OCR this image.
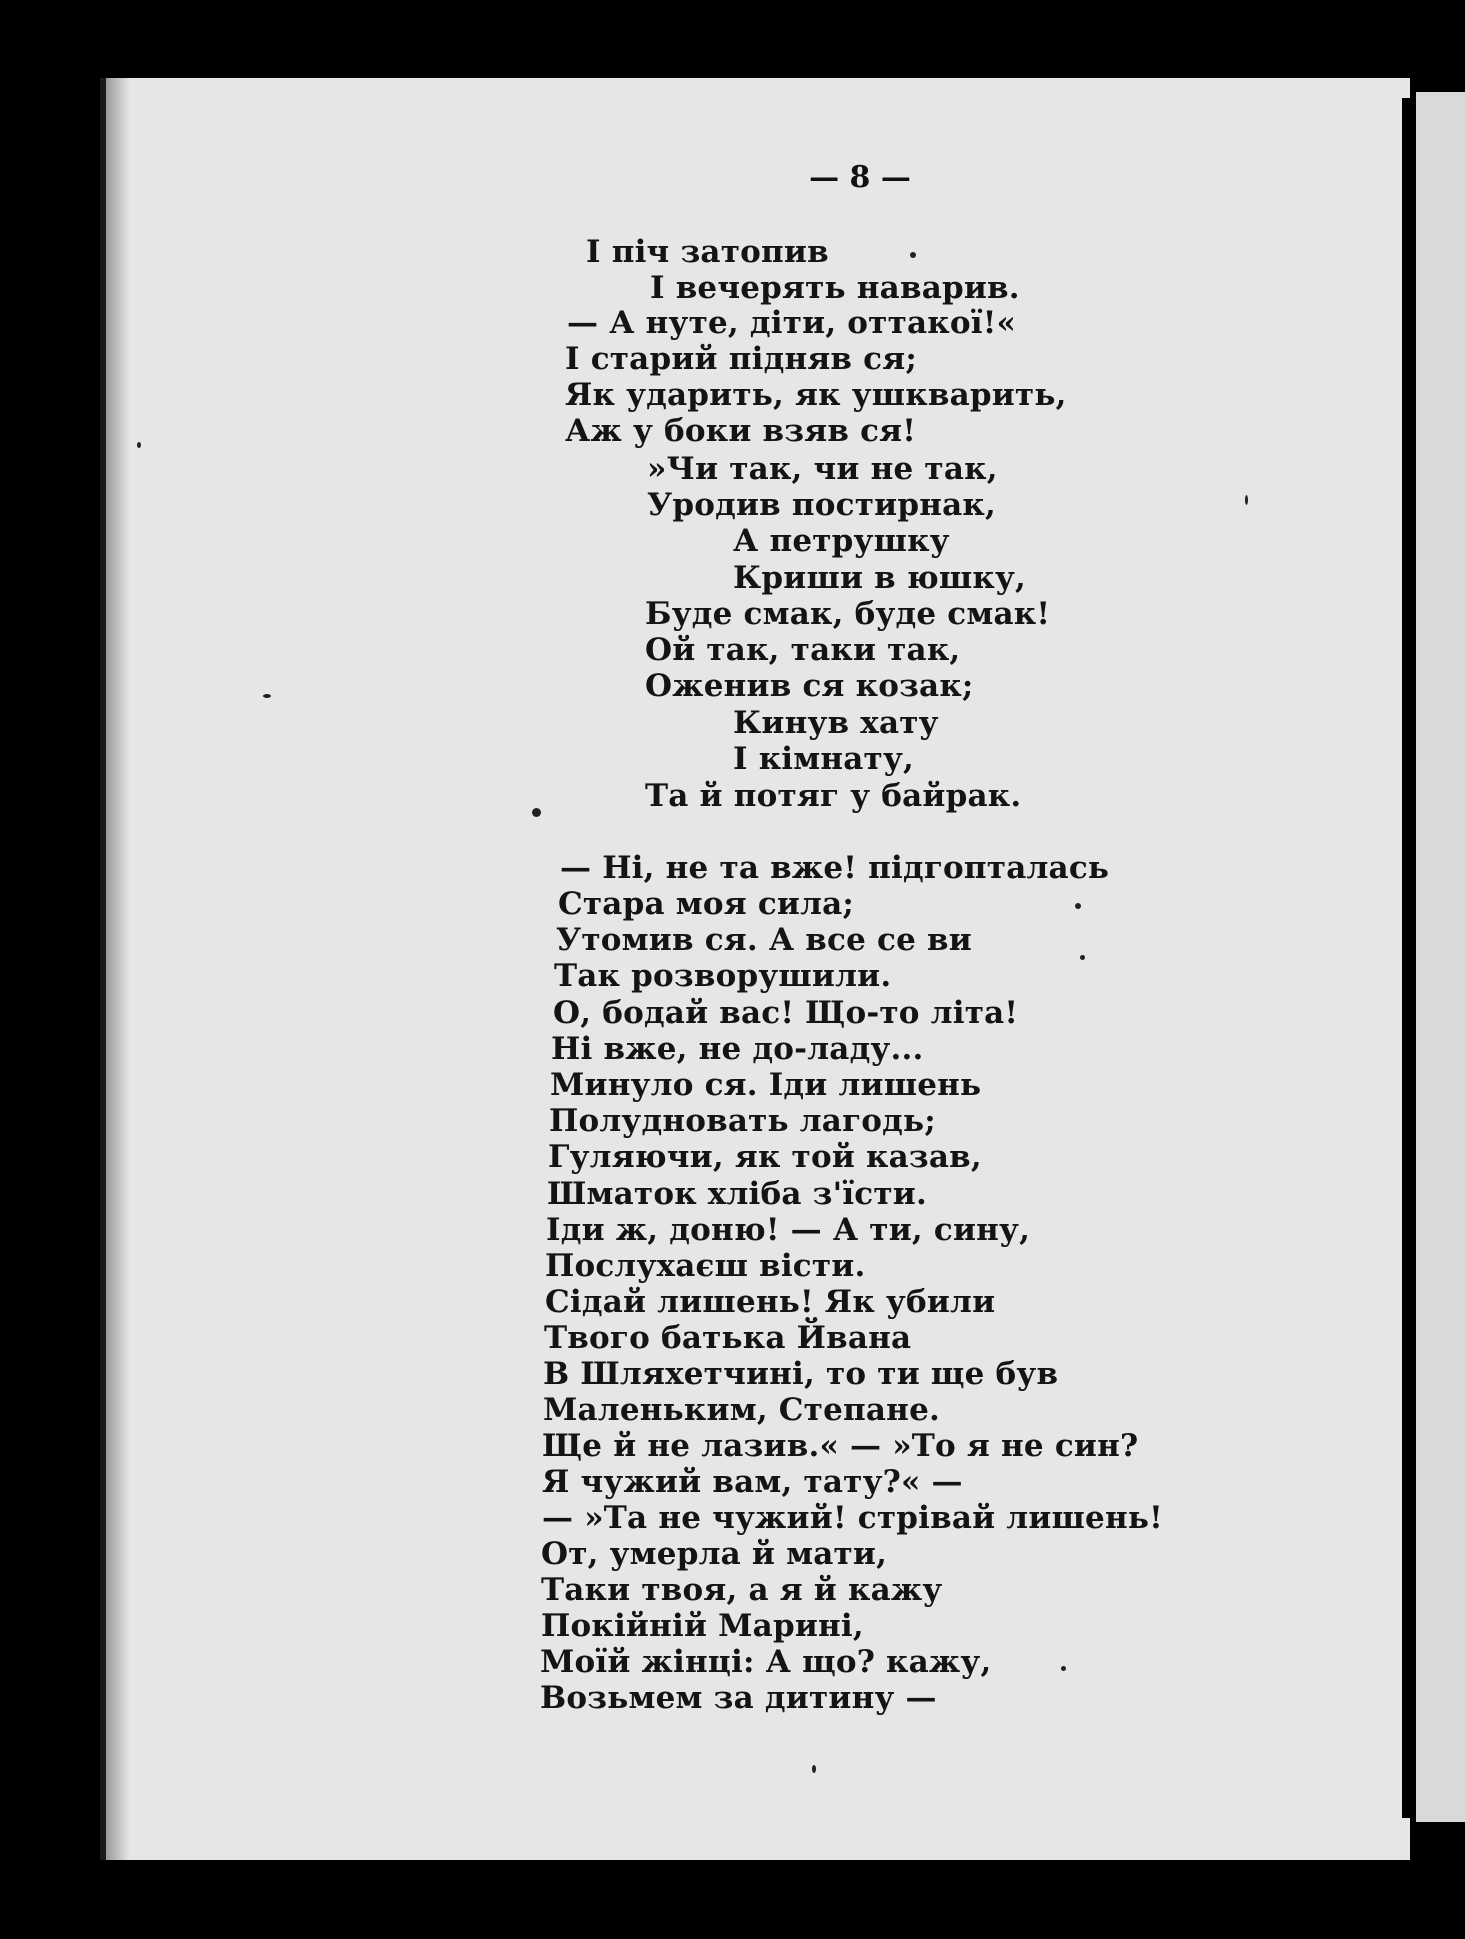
— 8 —
І піч затопив
І вечерять наварив.
— А нуте, діти, оттакої!«
І старий підняв ся;
Як ударить, як ушкварить,
Аж у боки взяв ся!
»Чи так, чи не так,
Уродив постирнак,
А петрушку
Криши в юшку,
Буде смак, буде смак!
Ой так, таки так,
Оженив ся козак;
Кинув хату
І кімнату,
Та й потяг у байрак.
— Ні, не та вже! підгопталась
Стара моя сила;
Утомив ся. А все се ви
Так розворушили.
О, бодай вас! Що-то літа!
Ні вже, не до-ладу...
Минуло ся. Іди лишень
Полудновать лагодь;
Гуляючи, як той казав,
Шматок хліба з'їсти.
Іди ж, доню! — А ти, сину,
Послухаєш вісти.
Сідай лишень! Як убили
Твого батька Йвана
В Шляхетчині, то ти ще був
Маленьким, Степане.
Ще й не лазив.« — »То я не син?
Я чужий вам, тату?« —
— »Та не чужий! стрівай лишень!
От, умерла й мати,
Таки твоя, а я й кажу
Покійній Марині,
Моїй жінці: А що? кажу,
Возьмем за дитину —
